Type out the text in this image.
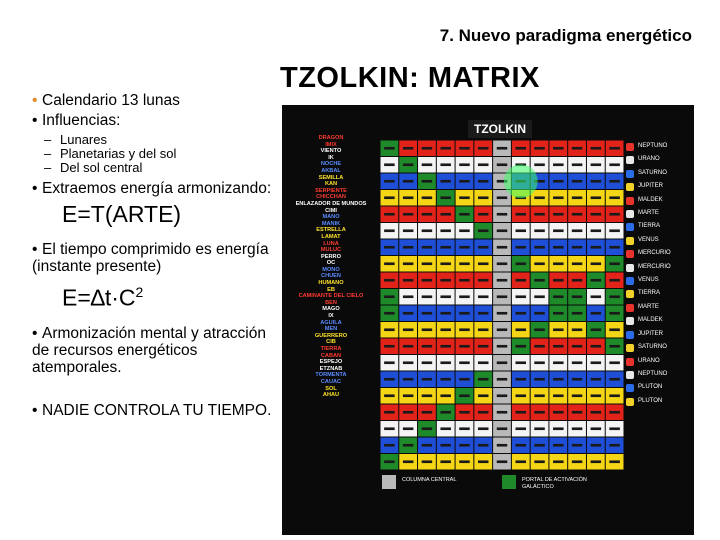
7. Nuevo paradigma energético
TZOLKIN: MATRIX
• Calendario 13 lunas
• Influencias:
– Lunares
– Planetarias y del sol
– Del sol central
• Extraemos energía armonizando:
E=T(ARTE)
• El tiempo comprimido es energía (instante presente)
$E=\Delta t\cdot C^2$
• Armonización mental y atracción de recursos energéticos atemporales.
• NADIE CONTROLA TU TIEMPO.
TZOLKIN
DRAGON
IMIX
VIENTO
IK
NOCHE
AKBAL
SEMILLA
KAN
SERPIENTE
CHICCHAN
ENLAZADOR DE MUNDOS
CIMI
MANO
MANIK
ESTRELLA
LAMAT
LUNA
MULUC
PERRO
OC
MONO
CHUEN
HUMANO
EB
CAMINANTE DEL CIELO
BEN
MAGO
IX
AGUILA
MEN
GUERRERO
CIB
TIERRA
CABAN
ESPEJO
ETZNAB
TORMENTA
CAUAC
SOL
AHAU
NEPTUNO
URANO
SATURNO
JUPITER
MALDEK
MARTE
TIERRA
VENUS
MERCURIO
MERCURIO
VENUS
TIERRA
MARTE
MALDEK
JUPITER
SATURNO
URANO
NEPTUNO
PLUTON
PLUTON
COLUMNA CENTRAL	PORTAL DE ACTIVACIÓN GALÁCTICO
